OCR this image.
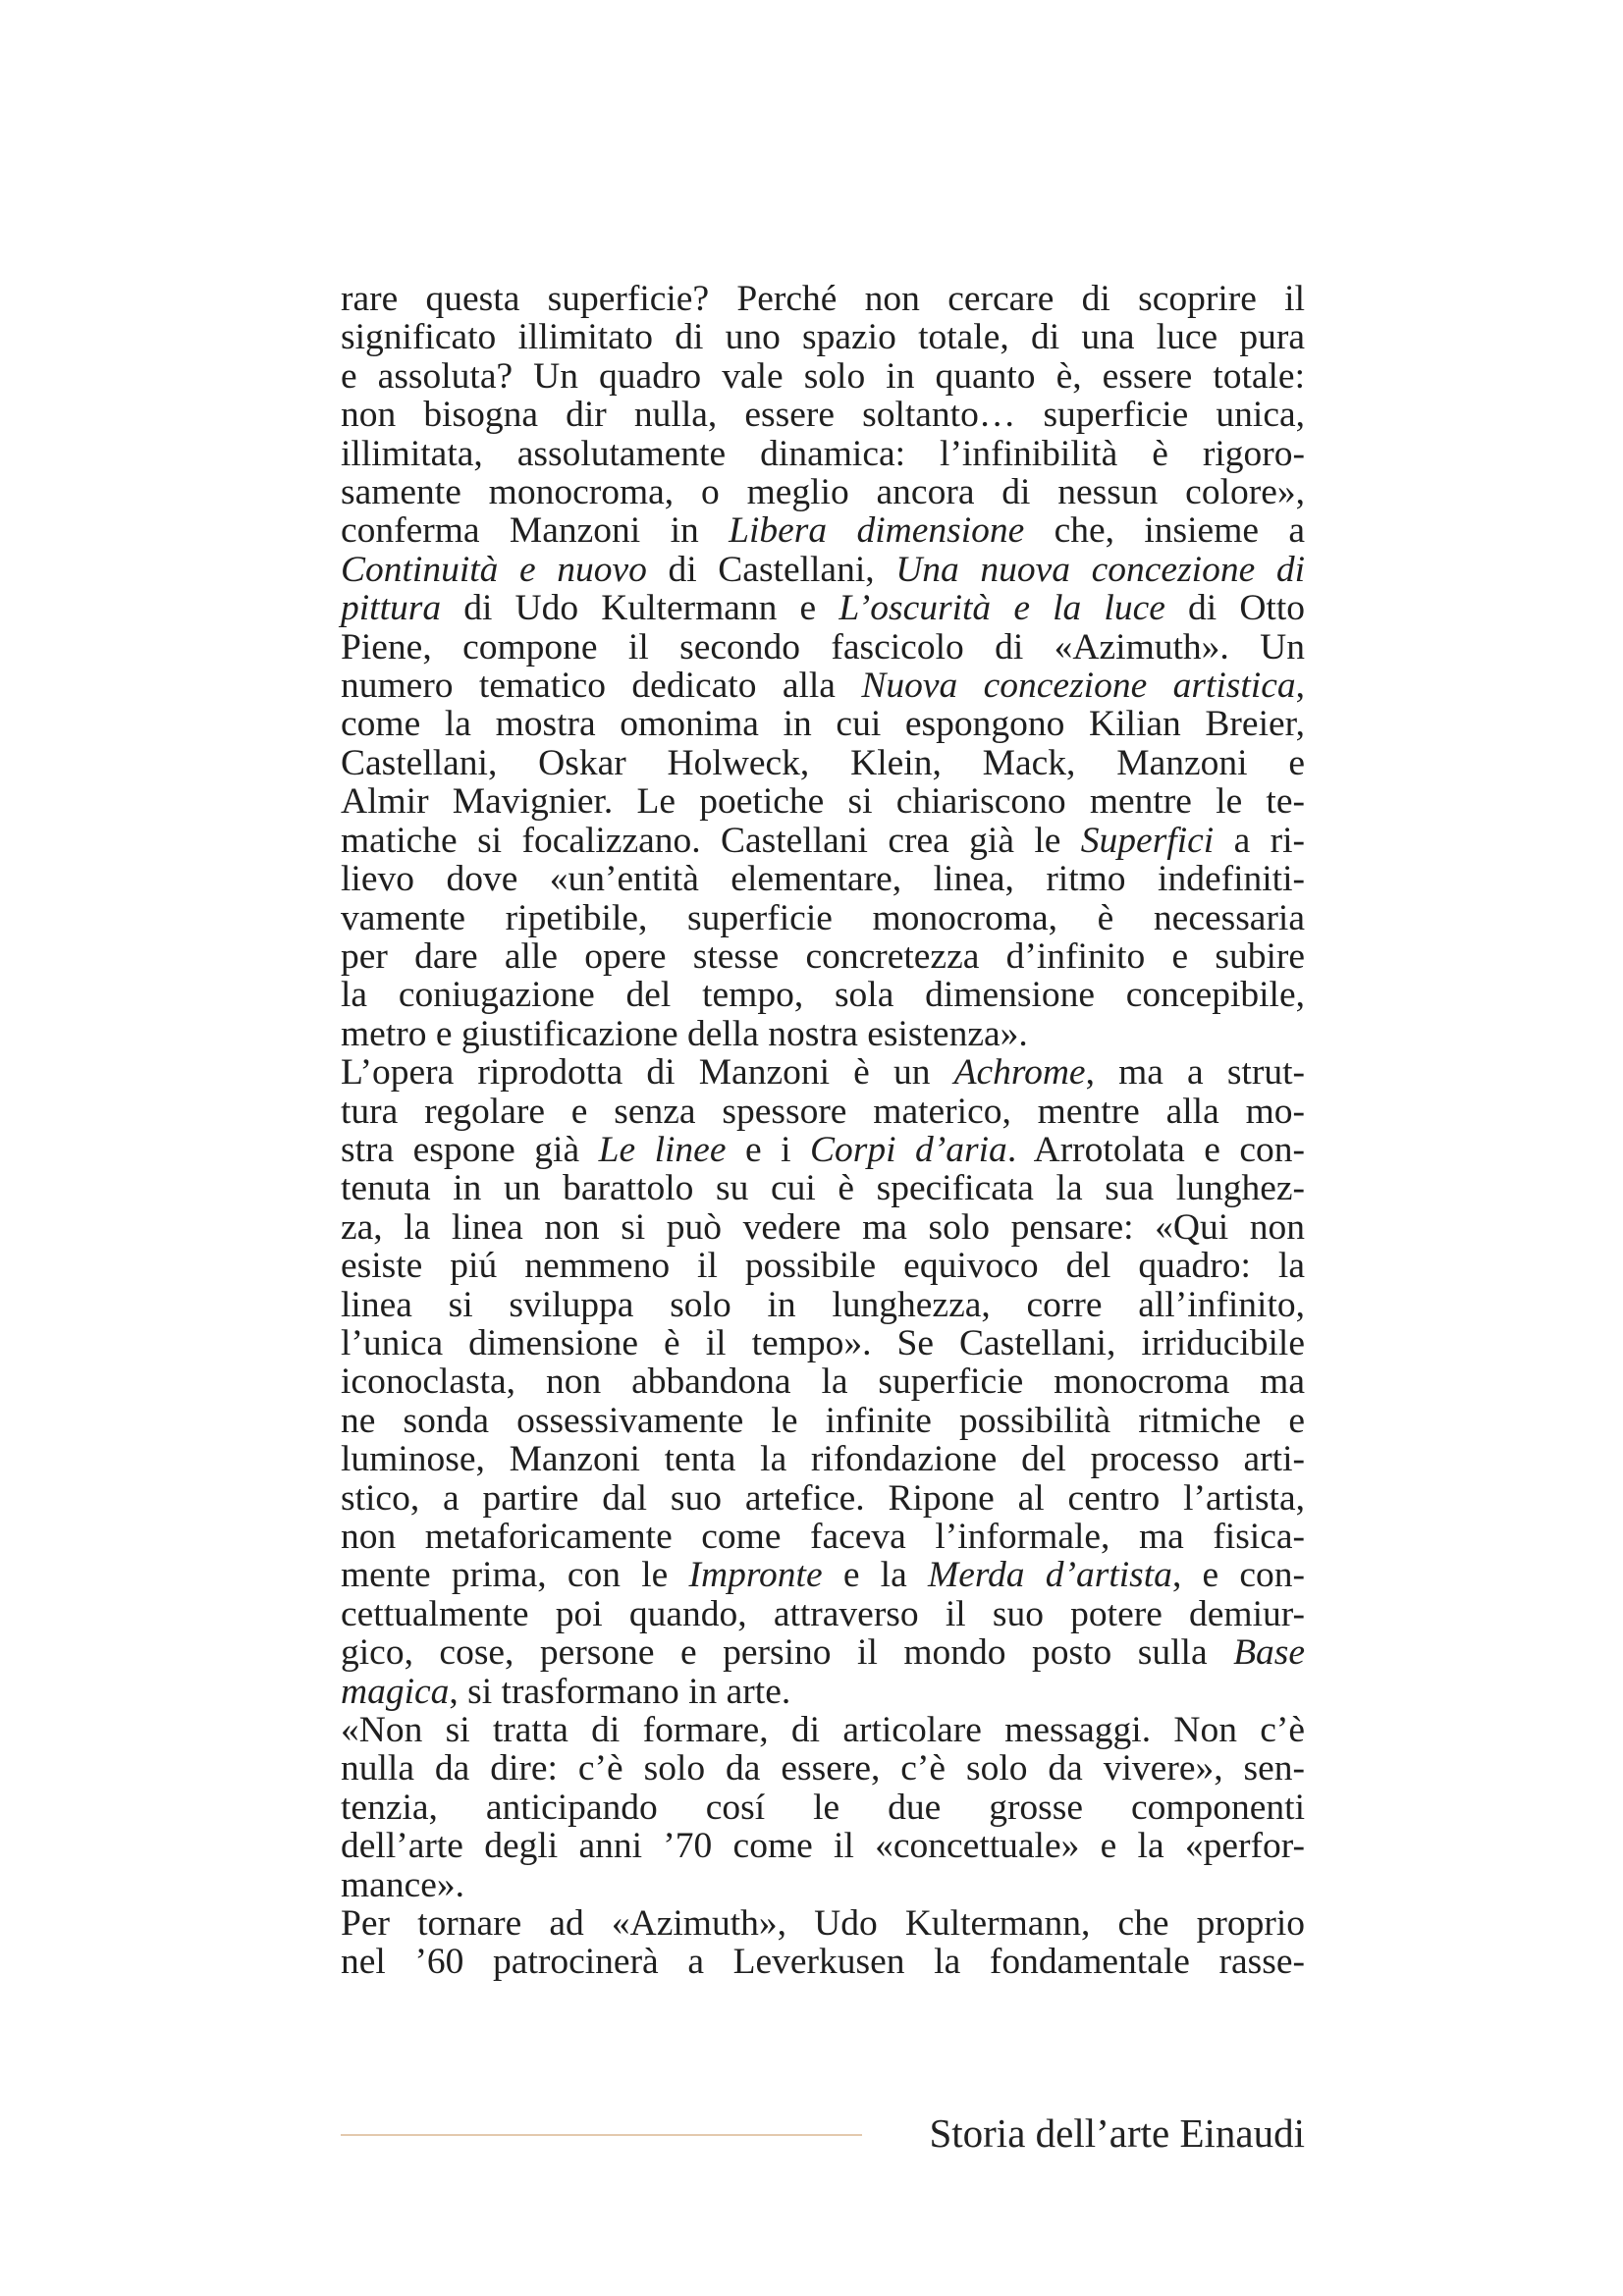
rare questa superficie? Perché non cercare di scoprire il
significato illimitato di uno spazio totale, di una luce pura
e assoluta? Un quadro vale solo in quanto è, essere totale:
non bisogna dir nulla, essere soltanto… superficie unica,
illimitata, assolutamente dinamica: l’infinibilità è rigoro-
samente monocroma, o meglio ancora di nessun colore»,
conferma Manzoni in Libera dimensione che, insieme a
Continuità e nuovo di Castellani, Una nuova concezione di
pittura di Udo Kultermann e L’oscurità e la luce di Otto
Piene, compone il secondo fascicolo di «Azimuth». Un
numero tematico dedicato alla Nuova concezione artistica,
come la mostra omonima in cui espongono Kilian Breier,
Castellani, Oskar Holweck, Klein, Mack, Manzoni e
Almir Mavignier. Le poetiche si chiariscono mentre le te-
matiche si focalizzano. Castellani crea già le Superfici a ri-
lievo dove «un’entità elementare, linea, ritmo indefiniti-
vamente ripetibile, superficie monocroma, è necessaria
per dare alle opere stesse concretezza d’infinito e subire
la coniugazione del tempo, sola dimensione concepibile,
metro e giustificazione della nostra esistenza».
L’opera riprodotta di Manzoni è un Achrome, ma a strut-
tura regolare e senza spessore materico, mentre alla mo-
stra espone già Le linee e i Corpi d’aria. Arrotolata e con-
tenuta in un barattolo su cui è specificata la sua lunghez-
za, la linea non si può vedere ma solo pensare: «Qui non
esiste piú nemmeno il possibile equivoco del quadro: la
linea si sviluppa solo in lunghezza, corre all’infinito,
l’unica dimensione è il tempo». Se Castellani, irriducibile
iconoclasta, non abbandona la superficie monocroma ma
ne sonda ossessivamente le infinite possibilità ritmiche e
luminose, Manzoni tenta la rifondazione del processo arti-
stico, a partire dal suo artefice. Ripone al centro l’artista,
non metaforicamente come faceva l’informale, ma fisica-
mente prima, con le Impronte e la Merda d’artista, e con-
cettualmente poi quando, attraverso il suo potere demiur-
gico, cose, persone e persino il mondo posto sulla Base
magica, si trasformano in arte.
«Non si tratta di formare, di articolare messaggi. Non c’è
nulla da dire: c’è solo da essere, c’è solo da vivere», sen-
tenzia, anticipando cosí le due grosse componenti
dell’arte degli anni ’70 come il «concettuale» e la «perfor-
mance».
Per tornare ad «Azimuth», Udo Kultermann, che proprio
nel ’60 patrocinerà a Leverkusen la fondamentale rasse-
Storia dell’arte Einaudi
